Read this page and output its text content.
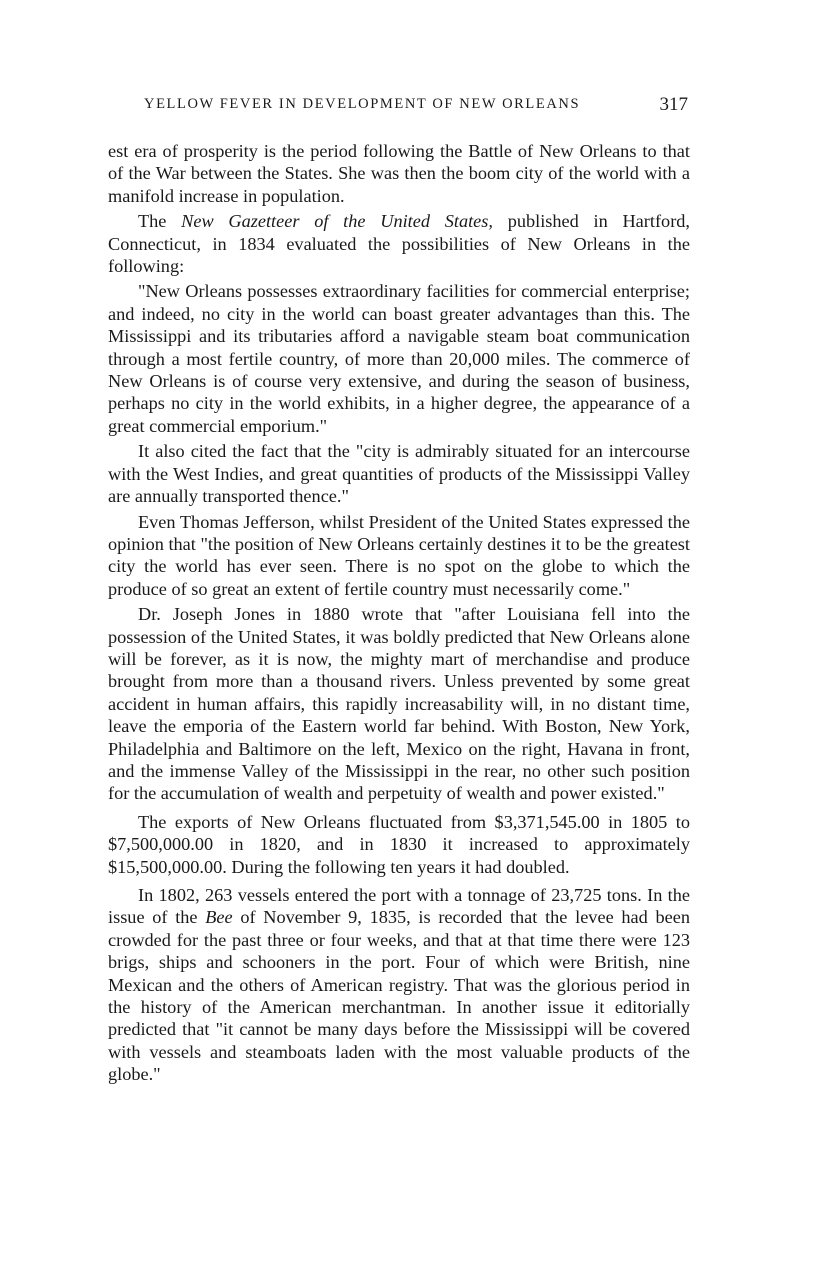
YELLOW FEVER IN DEVELOPMENT OF NEW ORLEANS	317

est era of prosperity is the period following the Battle of New Orleans to that of the War between the States. She was then the boom city of the world with a manifold increase in population.

The New Gazetteer of the United States, published in Hartford, Connecticut, in 1834 evaluated the possibilities of New Orleans in the following:

"New Orleans possesses extraordinary facilities for commercial enterprise; and indeed, no city in the world can boast greater advantages than this. The Mississippi and its tributaries afford a navigable steam boat communication through a most fertile country, of more than 20,000 miles. The commerce of New Orleans is of course very extensive, and during the season of business, perhaps no city in the world exhibits, in a higher degree, the appearance of a great commercial emporium."

It also cited the fact that the "city is admirably situated for an intercourse with the West Indies, and great quantities of products of the Mississippi Valley are annually transported thence."

Even Thomas Jefferson, whilst President of the United States expressed the opinion that "the position of New Orleans certainly destines it to be the greatest city the world has ever seen. There is no spot on the globe to which the produce of so great an extent of fertile country must necessarily come."

Dr. Joseph Jones in 1880 wrote that "after Louisiana fell into the possession of the United States, it was boldly predicted that New Orleans alone will be forever, as it is now, the mighty mart of merchandise and produce brought from more than a thousand rivers. Unless prevented by some great accident in human affairs, this rapidly increasability will, in no distant time, leave the emporia of the Eastern world far behind. With Boston, New York, Philadelphia and Baltimore on the left, Mexico on the right, Havana in front, and the immense Valley of the Mississippi in the rear, no other such position for the accumulation of wealth and perpetuity of wealth and power existed."

The exports of New Orleans fluctuated from $3,371,545.00 in 1805 to $7,500,000.00 in 1820, and in 1830 it increased to approximately $15,500,000.00. During the following ten years it had doubled.

In 1802, 263 vessels entered the port with a tonnage of 23,725 tons. In the issue of the Bee of November 9, 1835, is recorded that the levee had been crowded for the past three or four weeks, and that at that time there were 123 brigs, ships and schooners in the port. Four of which were British, nine Mexican and the others of American registry. That was the glorious period in the history of the American merchantman. In another issue it editorially predicted that "it cannot be many days before the Mississippi will be covered with vessels and steamboats laden with the most valuable products of the globe."
